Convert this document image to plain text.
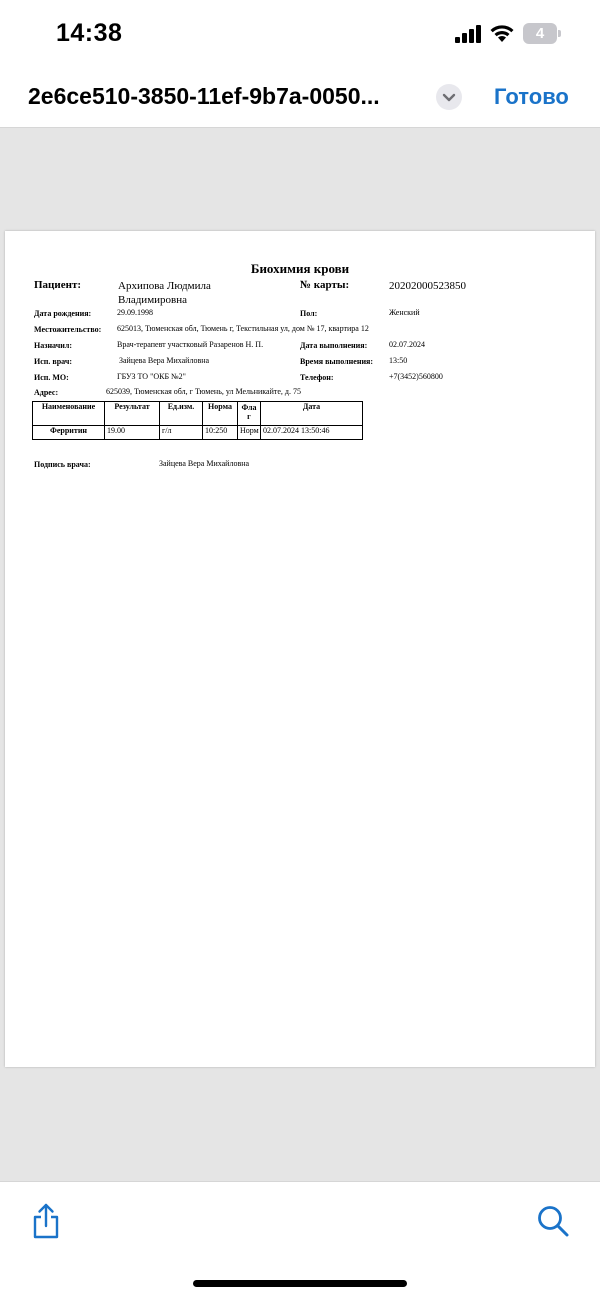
14:38	4
2e6ce510-3850-11ef-9b7a-0050...	Готово
Биохимия крови
Пациент:	Архипова Людмила Владимировна
№ карты:	20202000523850
Дата рождения:	29.09.1998	Пол:	Женский
Местожительство: 625013, Тюменская обл, Тюмень г, Текстильная ул, дом № 17, квартира 12
Назначил:	Врач-терапевт участковый Разаренов Н. П.	Дата выполнения:	02.07.2024
Исп. врач:	Зайцева Вера Михайловна	Время выполнения: 13:50
Исп. МО:	ГБУЗ ТО "ОКБ №2"	Телефон:	+7(3452)560800
Адрес:	625039, Тюменская обл, г Тюмень, ул Мельникайте, д. 75
Наименование	Результат	Ед.изм.	Норма	Фла г	Дата
Ферритин	19.00	г/л	10:250	Норм	02.07.2024 13:50:46
Подпись врача:	Зайцева Вера Михайловна
